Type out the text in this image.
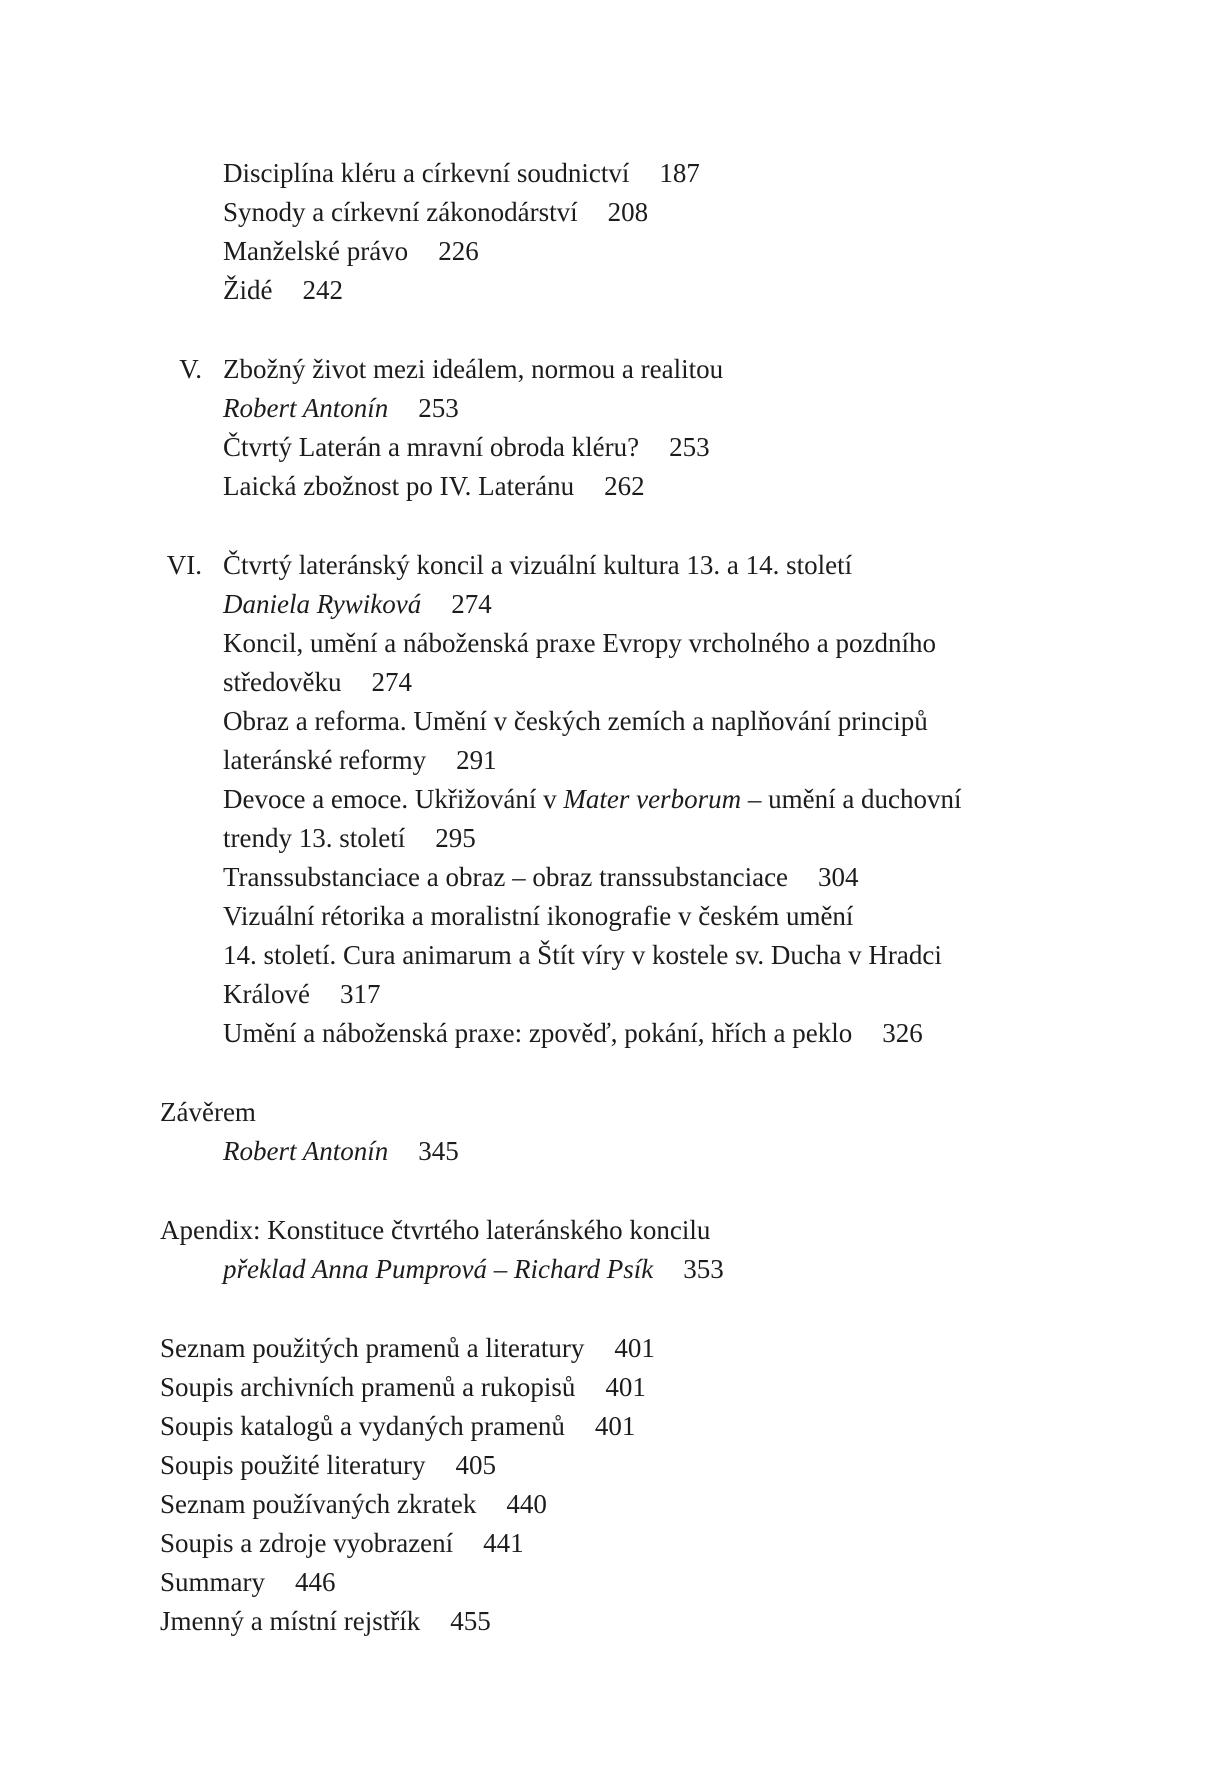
Disciplína kléru a církevní soudnictví 187
Synody a církevní zákonodárství 208
Manželské právo 226
Židé 242
V. Zbožný život mezi ideálem, normou a realitou
Robert Antonín 253
Čtvrtý Laterán a mravní obroda kléru? 253
Laická zbožnost po IV. Lateránu 262
VI. Čtvrtý lateránský koncil a vizuální kultura 13. a 14. století
Daniela Rywiková 274
Koncil, umění a náboženská praxe Evropy vrcholného a pozdního
středověku 274
Obraz a reforma. Umění v českých zemích a naplňování principů
lateránské reformy 291
Devoce a emoce. Ukřižování v Mater verborum – umění a duchovní
trendy 13. století 295
Transsubstanciace a obraz – obraz transsubstanciace 304
Vizuální rétorika a moralistní ikonografie v českém umění
14. století. Cura animarum a Štít víry v kostele sv. Ducha v Hradci
Králové 317
Umění a náboženská praxe: zpověď, pokání, hřích a peklo 326
Závěrem
Robert Antonín 345
Apendix: Konstituce čtvrtého lateránského koncilu
překlad Anna Pumprová – Richard Psík 353
Seznam použitých pramenů a literatury 401
Soupis archivních pramenů a rukopisů 401
Soupis katalogů a vydaných pramenů 401
Soupis použité literatury 405
Seznam používaných zkratek 440
Soupis a zdroje vyobrazení 441
Summary 446
Jmenný a místní rejstřík 455
